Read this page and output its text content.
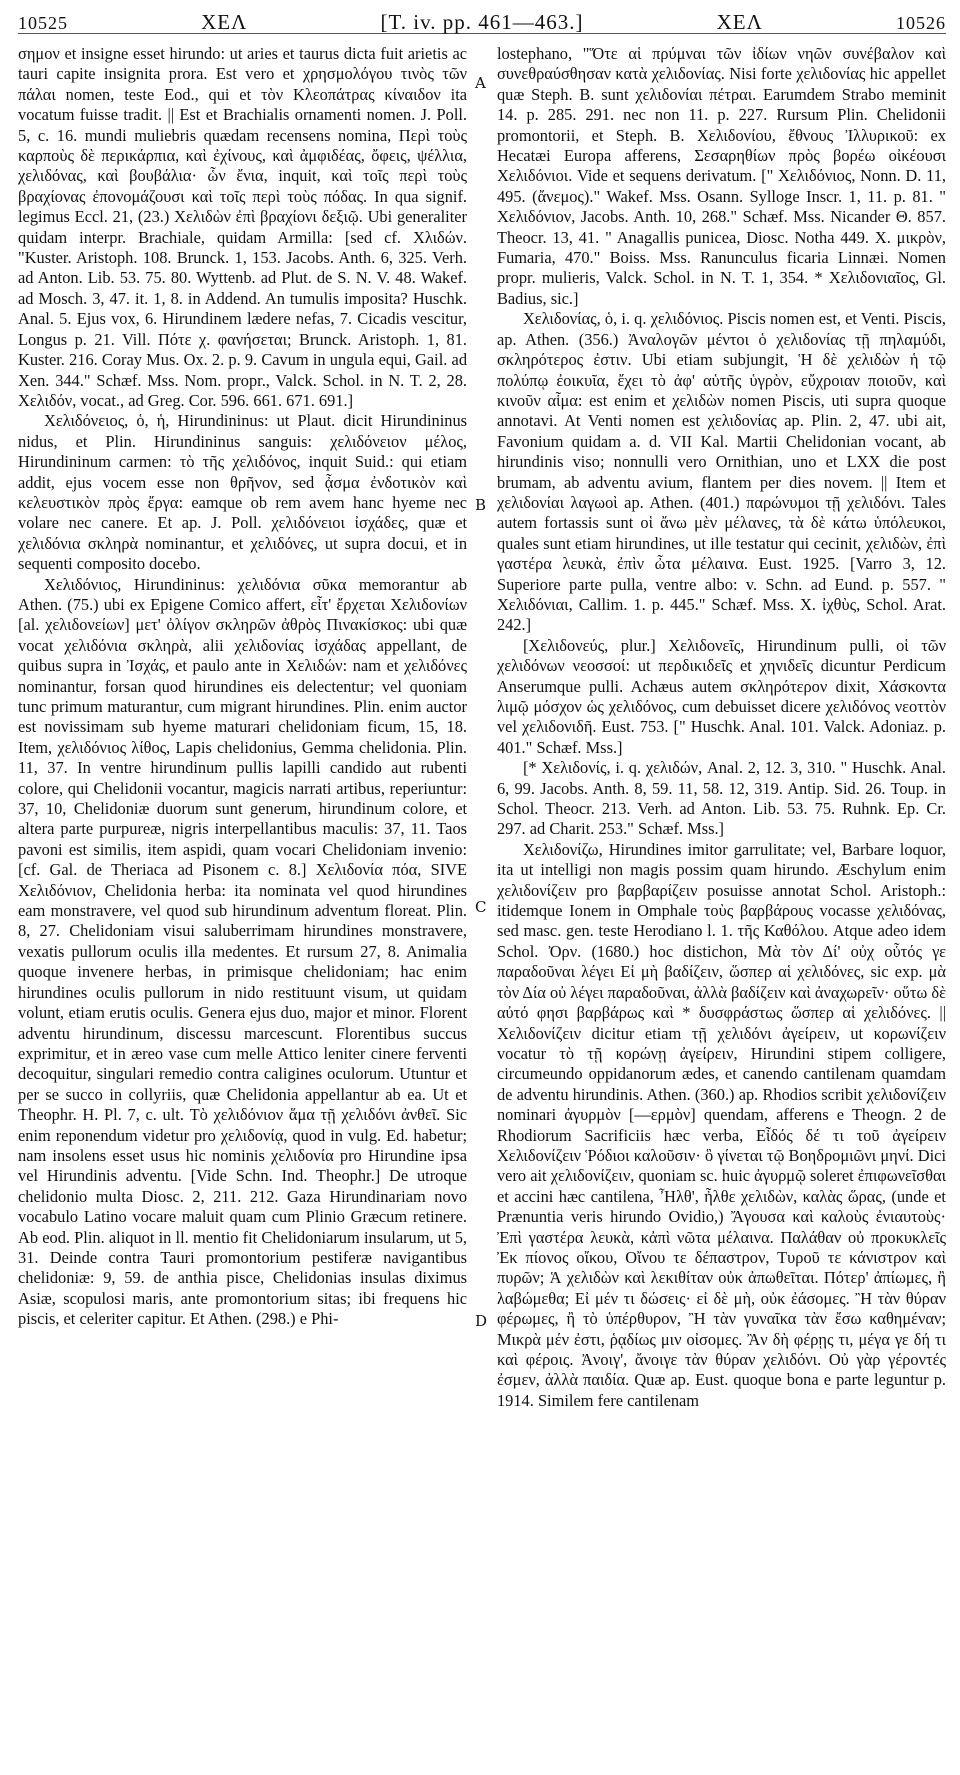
10525	ΧΕΛ	[T. iv. pp. 461—463.]	ΧΕΛ	10526

σημον et insigne esset hirundo: ut aries et taurus dicta fuit arietis ac tauri capite insignita prora. Est vero et χρησμολόγου τινὸς τῶν πάλαι nomen, teste Eod., qui et τὸν Κλεοπάτρας κίναιδον ita vocatum fuisse tradit. || Est et Brachialis ornamenti nomen. J. Poll. 5, c. 16. mundi muliebris quædam recensens nomina, Περὶ τοὺς καρποὺς δὲ περικάρπια, καὶ ἐχίνους, καὶ ἀμφιδέας, ὄφεις, ψέλλια, χελιδόνας, καὶ βουβάλια· ὧν ἔνια, inquit, καὶ τοῖς περὶ τοὺς βραχίονας ἐπονομάζουσι καὶ τοῖς περὶ τοὺς πόδας. In qua signif. legimus Eccl. 21, (23.) Χελιδὼν ἐπὶ βραχίονι δεξιῷ. Ubi generaliter quidam interpr. Brachiale, quidam Armilla: [sed cf. Χλιδών. "Kuster. Aristoph. 108. Brunck. 1, 153. Jacobs. Anth. 6, 325. Verh. ad Anton. Lib. 53. 75. 80. Wyttenb. ad Plut. de S. N. V. 48. Wakef. ad Mosch. 3, 47. it. 1, 8. in Addend. An tumulis imposita? Huschk. Anal. 5. Ejus vox, 6. Hirundinem lædere nefas, 7. Cicadis vescitur, Longus p. 21. Vill. Πότε χ. φανήσεται; Brunck. Aristoph. 1, 81. Kuster. 216. Coray Mus. Ox. 2. p. 9. Cavum in ungula equi, Gail. ad Xen. 344." Schæf. Mss. Nom. propr., Valck. Schol. in N. T. 2, 28. Χελιδόν, vocat., ad Greg. Cor. 596. 661. 671. 691.]

Χελιδόνειος, ὁ, ἡ, Hirundininus: ut Plaut. dicit Hirundininus nidus, et Plin. Hirundininus sanguis: χελιδόνειον μέλος, Hirundininum carmen: τὸ τῆς χελιδόνος, inquit Suid.: qui etiam addit, ejus vocem esse non θρῆνον, sed ᾆσμα ἐνδοτικὸν καὶ κελευστικὸν πρὸς ἔργα: eamque ob rem avem hanc hyeme nec volare nec canere. Et ap. J. Poll. χελιδόνειοι ἰσχάδες, quæ et χελιδόνια σκληρὰ nominantur, et χελιδόνες, ut supra docui, et in sequenti composito docebo.

Χελιδόνιος, Hirundininus: χελιδόνια σῦκα memorantur ab Athen. (75.) ubi ex Epigene Comico affert, εἶτ' ἔρχεται Χελιδονίων [al. χελιδονείων] μετ' ὀλίγον σκληρῶν ἀθρὸς Πινακίσκος: ubi quæ vocat χελιδόνια σκληρὰ, alii χελιδονίας ἰσχάδας appellant, de quibus supra in Ἰσχάς, et paulo ante in Χελιδών: nam et χελιδόνες nominantur, forsan quod hirundines eis delectentur; vel quoniam tunc primum maturantur, cum migrant hirundines. Plin. enim auctor est novissimam sub hyeme maturari chelidoniam ficum, 15, 18. Item, χελιδόνιος λίθος, Lapis chelidonius, Gemma chelidonia. Plin. 11, 37. In ventre hirundinum pullis lapilli candido aut rubenti colore, qui Chelidonii vocantur, magicis narrati artibus, reperiuntur: 37, 10, Chelidoniæ duorum sunt generum, hirundinum colore, et altera parte purpureæ, nigris interpellantibus maculis: 37, 11. Taos pavoni est similis, item aspidi, quam vocari Chelidoniam invenio: [cf. Gal. de Theriaca ad Pisonem c. 8.] Χελιδονία πόα, SIVE Χελιδόνιον, Chelidonia herba: ita nominata vel quod hirundines eam monstravere, vel quod sub hirundinum adventum floreat. Plin. 8, 27. Chelidoniam visui saluberrimam hirundines monstravere, vexatis pullorum oculis illa medentes. Et rursum 27, 8. Animalia quoque invenere herbas, in primisque chelidoniam; hac enim hirundines oculis pullorum in nido restituunt visum, ut quidam volunt, etiam erutis oculis. Genera ejus duo, major et minor. Florent adventu hirundinum, discessu marcescunt. Florentibus succus exprimitur, et in æreo vase cum melle Attico leniter cinere ferventi decoquitur, singulari remedio contra caligines oculorum. Utuntur et per se succo in collyriis, quæ Chelidonia appellantur ab ea. Ut et Theophr. H. Pl. 7, c. ult. Τὸ χελιδόνιον ἅμα τῇ χελιδόνι ἀνθεῖ. Sic enim reponendum videtur pro χελιδονίᾳ, quod in vulg. Ed. habetur; nam insolens esset usus hic nominis χελιδονία pro Hirundine ipsa vel Hirundinis adventu. [Vide Schn. Ind. Theophr.] De utroque chelidonio multa Diosc. 2, 211. 212. Gaza Hirundinariam novo vocabulo Latino vocare maluit quam cum Plinio Græcum retinere. Ab eod. Plin. aliquot in ll. mentio fit Chelidoniarum insularum, ut 5, 31. Deinde contra Tauri promontorium pestiferæ navigantibus chelidoniæ: 9, 59. de anthia pisce, Chelidonias insulas diximus Asiæ, scopulosi maris, ante promontorium sitas; ibi frequens hic piscis, et celeriter capitur. Et Athen. (298.) e Phi-

A
B
C
D

lostephano, "Ὅτε αἱ πρύμναι τῶν ἰδίων νηῶν συνέβαλον καὶ συνεθραύσθησαν κατὰ χελιδονίας. Nisi forte χελιδονίας hic appellet quæ Steph. B. sunt χελιδονίαι πέτραι. Earumdem Strabo meminit 14. p. 285. 291. nec non 11. p. 227. Rursum Plin. Chelidonii promontorii, et Steph. B. Χελιδονίου, ἔθνους Ἰλλυρικοῦ: ex Hecatæi Europa afferens, Σεσαρηθίων πρὸς βορέω οἰκέουσι Χελιδόνιοι. Vide et sequens derivatum. [" Χελιδόνιος, Nonn. D. 11, 495. (ἄνεμος)." Wakef. Mss. Osann. Sylloge Inscr. 1, 11. p. 81. " Χελιδόνιον, Jacobs. Anth. 10, 268." Schæf. Mss. Nicander Θ. 857. Theocr. 13, 41. " Anagallis punicea, Diosc. Notha 449. Χ. μικρὸν, Fumaria, 470." Boiss. Mss. Ranunculus ficaria Linnæi. Nomen propr. mulieris, Valck. Schol. in N. T. 1, 354. * Χελιδονιαῖος, Gl. Badius, sic.]

Χελιδονίας, ὁ, i. q. χελιδόνιος. Piscis nomen est, et Venti. Piscis, ap. Athen. (356.) Ἀναλογῶν μέντοι ὁ χελιδονίας τῇ πηλαμύδι, σκληρότερος ἐστιν. Ubi etiam subjungit, Ἡ δὲ χελιδὼν ἡ τῷ πολύπῳ ἐοικυῖα, ἔχει τὸ ἀφ' αὑτῆς ὑγρὸν, εὔχροιαν ποιοῦν, καὶ κινοῦν αἷμα: est enim et χελιδὼν nomen Piscis, uti supra quoque annotavi. At Venti nomen est χελιδονίας ap. Plin. 2, 47. ubi ait, Favonium quidam a. d. VII Kal. Martii Chelidonian vocant, ab hirundinis viso; nonnulli vero Ornithian, uno et LXX die post brumam, ab adventu avium, flantem per dies novem. || Item et χελιδονίαι λαγωοὶ ap. Athen. (401.) παρώνυμοι τῇ χελιδόνι. Tales autem fortassis sunt οἱ ἄνω μὲν μέλανες, τὰ δὲ κάτω ὑπόλευκοι, quales sunt etiam hirundines, ut ille testatur qui cecinit, χελιδὼν, ἐπὶ γαστέρα λευκὰ, ἐπὶν ὦτα μέλαινα. Eust. 1925. [Varro 3, 12. Superiore parte pulla, ventre albo: v. Schn. ad Eund. p. 557. " Χελιδόνιαι, Callim. 1. p. 445." Schæf. Mss. Χ. ἰχθὺς, Schol. Arat. 242.]

[Χελιδονεύς, plur.] Χελιδονεῖς, Hirundinum pulli, οἱ τῶν χελιδόνων νεοσσοί: ut περδικιδεῖς et χηνιδεῖς dicuntur Perdicum Anserumque pulli. Achæus autem σκληρότερον dixit, Χάσκοντα λιμῷ μόσχον ὡς χελιδόνος, cum debuisset dicere χελιδόνος νεοττὸν vel χελιδονιδῆ. Eust. 753. [" Huschk. Anal. 101. Valck. Adoniaz. p. 401." Schæf. Mss.]

[* Χελιδονίς, i. q. χελιδών, Anal. 2, 12. 3, 310. " Huschk. Anal. 6, 99. Jacobs. Anth. 8, 59. 11, 58. 12, 319. Antip. Sid. 26. Toup. in Schol. Theocr. 213. Verh. ad Anton. Lib. 53. 75. Ruhnk. Ep. Cr. 297. ad Charit. 253." Schæf. Mss.]

Χελιδονίζω, Hirundines imitor garrulitate; vel, Barbare loquor, ita ut intelligi non magis possim quam hirundo. Æschylum enim χελιδονίζειν pro βαρβαρίζειν posuisse annotat Schol. Aristoph.: itidemque Ionem in Omphale τοὺς βαρβάρους vocasse χελιδόνας, sed masc. gen. teste Herodiano l. 1. τῆς Καθόλου. Atque adeo idem Schol. Ὀρν. (1680.) hoc distichon, Μὰ τὸν Δί' οὐχ οὗτός γε παραδοῦναι λέγει Εἰ μὴ βαδίζειν, ὥσπερ αἱ χελιδόνες, sic exp. μὰ τὸν Δία οὐ λέγει παραδοῦναι, ἀλλὰ βαδίζειν καὶ ἀναχωρεῖν· οὕτω δὲ αὐτό φησι βαρβάρως καὶ * δυσφράστως ὥσπερ αἱ χελιδόνες. || Χελιδονίζειν dicitur etiam τῇ χελιδόνι ἀγείρειν, ut κορωνίζειν vocatur τὸ τῇ κορώνῃ ἀγείρειν, Hirundini stipem colligere, circumeundo oppidanorum ædes, et canendo cantilenam quamdam de adventu hirundinis. Athen. (360.) ap. Rhodios scribit χελιδονίζειν nominari ἀγυρμὸν [—ερμὸν] quendam, afferens e Theogn. 2 de Rhodiorum Sacrificiis hæc verba, Εἶδός δέ τι τοῦ ἀγείρειν Χελιδονίζειν Ῥόδιοι καλοῦσιν· ὃ γίνεται τῷ Βοηδρομιῶνι μηνί. Dici vero ait χελιδονίζειν, quoniam sc. huic ἀγυρμῷ soleret ἐπιφωνεῖσθαι et accini hæc cantilena, Ἦλθ', ἦλθε χελιδὼν, καλὰς ὥρας, (unde et Prænuntia veris hirundo Ovidio,) Ἄγουσα καὶ καλοὺς ἐνιαυτοὺς· Ἐπὶ γαστέρα λευκὰ, κἀπὶ νῶτα μέλαινα. Παλάθαν οὐ προκυκλεῖς Ἐκ πίονος οἴκου, Οἴνου τε δέπαστρον, Τυροῦ τε κάνιστρον καὶ πυρῶν; Ἁ χελιδὼν καὶ λεκιθίταν οὐκ ἀπωθεῖται. Πότερ' ἀπίωμες, ἢ λαβώμεθα; Εἰ μέν τι δώσεις· εἰ δὲ μὴ, οὐκ ἐάσομες. Ἢ τὰν θύραν φέρωμες, ἢ τὸ ὑπέρθυρον, Ἢ τὰν γυναῖκα τὰν ἔσω καθημέναν; Μικρὰ μέν ἐστι, ῥᾳδίως μιν οἰσομες. Ἂν δὴ φέρῃς τι, μέγα γε δή τι καὶ φέροις. Ἀνοιγ', ἄνοιγε τὰν θύραν χελιδόνι. Οὐ γὰρ γέροντές ἐσμεν, ἀλλὰ παιδία. Quæ ap. Eust. quoque bona e parte leguntur p. 1914. Similem fere cantilenam
